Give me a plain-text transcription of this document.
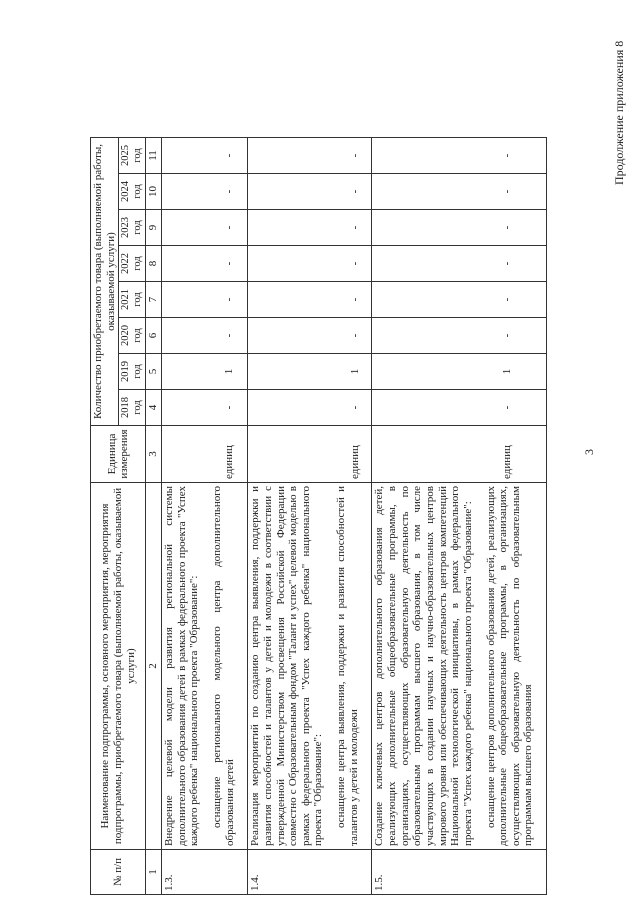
3
Продолжение приложения 8
№ п/п	Наименование подпрограммы, основного мероприятия, мероприятия подпрограммы, приобретаемого товара (выполняемой работы, оказываемой услуги)	Единица измерения	Количество приобретаемого товара (выполняемой работы, оказываемой услуги)							
			2018 год	2019 год	2020 год	2021 год	2022 год	2023 год	2024 год	2025 год
1	2	3	4	5	6	7	8	9	10	11
1.3.	Внедрение целевой модели развития региональной системы дополнительного образования детей в рамках федерального проекта "Успех каждого ребенка" национального проекта "Образование": оснащение регионального модельного центра дополнительного образования детей	единиц	-	1	-	-	-	-	-	-
1.4.	Реализация мероприятий по созданию центра выявления, поддержки и развития способностей и талантов у детей и молодежи в соответствии с утвержденной Министерством просвещения Российской Федерации совместно с Образовательным фондом "Талант и успех" целевой моделью в рамках федерального проекта "Успех каждого ребенка" национального проекта "Образование": оснащение центра выявления, поддержки и развития способностей и талантов у детей и молодежи	единиц	-	1	-	-	-	-	-	-
1.5.	Создание ключевых центров дополнительного образования детей, реализующих дополнительные общеобразовательные программы, в организациях, осуществляющих образовательную деятельность по образовательным программам высшего образования, в том числе участвующих в создании научных и научно-образовательных центров мирового уровня или обеспечивающих деятельность центров компетенций Национальной технологической инициативы, в рамках федерального проекта "Успех каждого ребенка" национального проекта "Образование": оснащение центров дополнительного образования детей, реализующих дополнительные общеобразовательные программы, в организациях, осуществляющих образовательную деятельность по образовательным программам высшего образования	единиц	-	1	-	-	-	-	-	-
